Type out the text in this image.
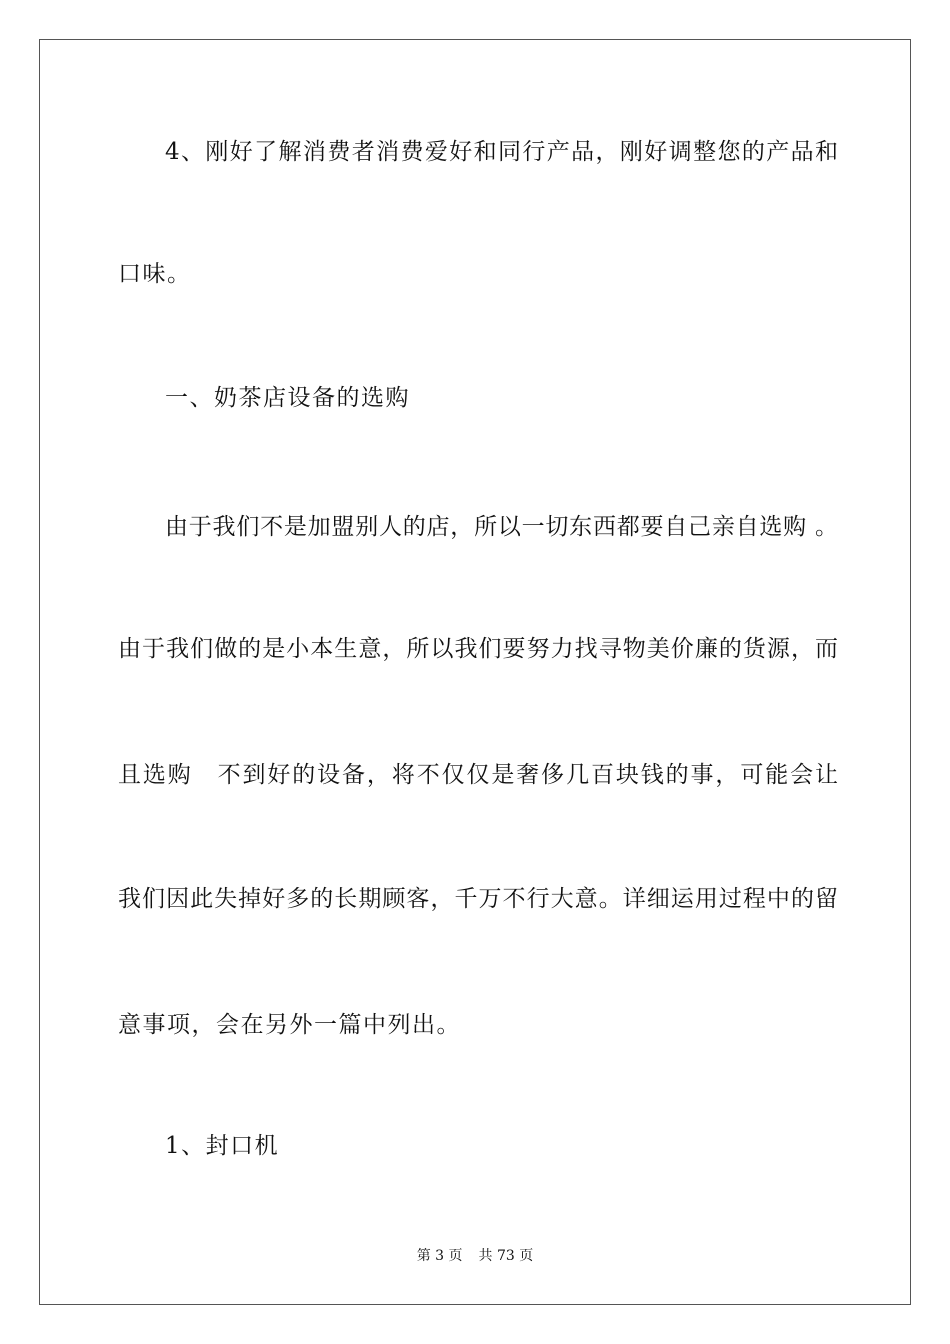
4、刚好了解消费者消费爱好和同行产品，刚好调整您的产品和
口味。
一、奶茶店设备的选购
由于我们不是加盟别人的店，所以一切东西都要自己亲自选购 。
由于我们做的是小本生意，所以我们要努力找寻物美价廉的货源，而
且选购　不到好的设备，将不仅仅是奢侈几百块钱的事，可能会让
我们因此失掉好多的长期顾客，千万不行大意。详细运用过程中的留
意事项，会在另外一篇中列出。
1、封口机
第 3 页 共 73 页
